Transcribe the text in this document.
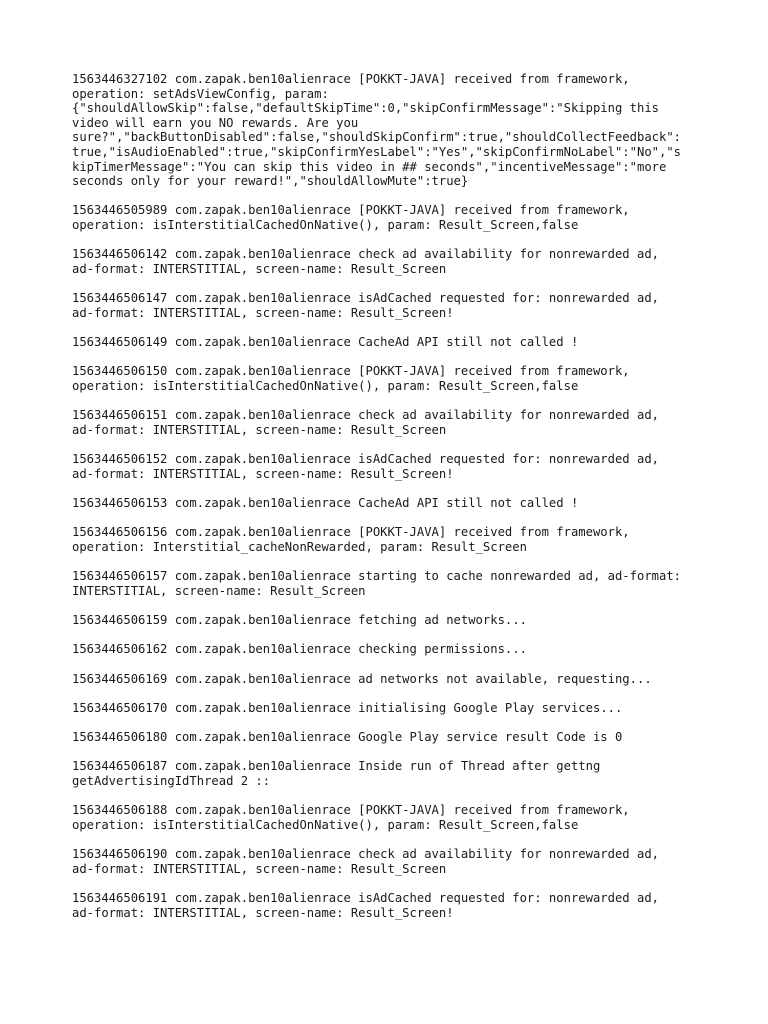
1563446327102 com.zapak.ben10alienrace [POKKT-JAVA] received from framework,
operation: setAdsViewConfig, param:
{"shouldAllowSkip":false,"defaultSkipTime":0,"skipConfirmMessage":"Skipping this
video will earn you NO rewards. Are you
sure?","backButtonDisabled":false,"shouldSkipConfirm":true,"shouldCollectFeedback":
true,"isAudioEnabled":true,"skipConfirmYesLabel":"Yes","skipConfirmNoLabel":"No","s
kipTimerMessage":"You can skip this video in ## seconds","incentiveMessage":"more
seconds only for your reward!","shouldAllowMute":true}
1563446505989 com.zapak.ben10alienrace [POKKT-JAVA] received from framework,
operation: isInterstitialCachedOnNative(), param: Result_Screen,false
1563446506142 com.zapak.ben10alienrace check ad availability for nonrewarded ad,
ad-format: INTERSTITIAL, screen-name: Result_Screen
1563446506147 com.zapak.ben10alienrace isAdCached requested for: nonrewarded ad,
ad-format: INTERSTITIAL, screen-name: Result_Screen!
1563446506149 com.zapak.ben10alienrace CacheAd API still not called !
1563446506150 com.zapak.ben10alienrace [POKKT-JAVA] received from framework,
operation: isInterstitialCachedOnNative(), param: Result_Screen,false
1563446506151 com.zapak.ben10alienrace check ad availability for nonrewarded ad,
ad-format: INTERSTITIAL, screen-name: Result_Screen
1563446506152 com.zapak.ben10alienrace isAdCached requested for: nonrewarded ad,
ad-format: INTERSTITIAL, screen-name: Result_Screen!
1563446506153 com.zapak.ben10alienrace CacheAd API still not called !
1563446506156 com.zapak.ben10alienrace [POKKT-JAVA] received from framework,
operation: Interstitial_cacheNonRewarded, param: Result_Screen
1563446506157 com.zapak.ben10alienrace starting to cache nonrewarded ad, ad-format:
INTERSTITIAL, screen-name: Result_Screen
1563446506159 com.zapak.ben10alienrace fetching ad networks...
1563446506162 com.zapak.ben10alienrace checking permissions...
1563446506169 com.zapak.ben10alienrace ad networks not available, requesting...
1563446506170 com.zapak.ben10alienrace initialising Google Play services...
1563446506180 com.zapak.ben10alienrace Google Play service result Code is 0
1563446506187 com.zapak.ben10alienrace Inside run of Thread after gettng
getAdvertisingIdThread 2 ::
1563446506188 com.zapak.ben10alienrace [POKKT-JAVA] received from framework,
operation: isInterstitialCachedOnNative(), param: Result_Screen,false
1563446506190 com.zapak.ben10alienrace check ad availability for nonrewarded ad,
ad-format: INTERSTITIAL, screen-name: Result_Screen
1563446506191 com.zapak.ben10alienrace isAdCached requested for: nonrewarded ad,
ad-format: INTERSTITIAL, screen-name: Result_Screen!
